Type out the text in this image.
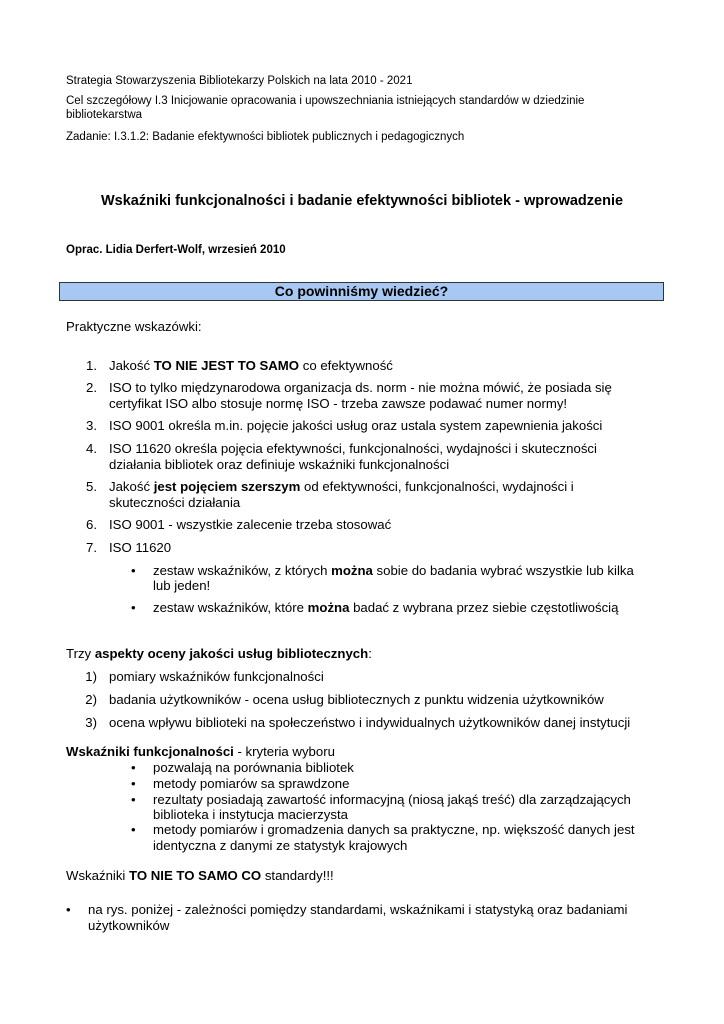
Strategia Stowarzyszenia Bibliotekarzy Polskich na lata 2010 - 2021
Cel szczegółowy I.3 Inicjowanie opracowania i upowszechniania istniejących standardów w dziedzinie bibliotekarstwa
Zadanie: I.3.1.2: Badanie efektywności bibliotek publicznych i pedagogicznych
Wskaźniki funkcjonalności i badanie efektywności bibliotek - wprowadzenie
Oprac. Lidia Derfert-Wolf, wrzesień 2010
Co powinniśmy wiedzieć?
Praktyczne wskazówki:
1. Jakość TO NIE JEST TO SAMO co efektywność
2. ISO to tylko międzynarodowa organizacja ds. norm - nie można mówić, że posiada się
certyfikat ISO albo stosuje normę ISO - trzeba zawsze podawać numer normy!
3. ISO 9001 określa m.in. pojęcie jakości usług oraz ustala system zapewnienia jakości
4. ISO 11620 określa pojęcia efektywności, funkcjonalności, wydajności i skuteczności
działania bibliotek oraz definiuje wskaźniki funkcjonalności
5. Jakość jest pojęciem szerszym od efektywności, funkcjonalności, wydajności i
skuteczności działania
6. ISO 9001 - wszystkie zalecenie trzeba stosować
7. ISO 11620
• zestaw wskaźników, z których można sobie do badania wybrać wszystkie lub kilka
lub jeden!
• zestaw wskaźników, które można badać z wybrana przez siebie częstotliwością
Trzy aspekty oceny jakości usług bibliotecznych:
1) pomiary wskaźników funkcjonalności
2) badania użytkowników - ocena usług bibliotecznych z punktu widzenia użytkowników
3) ocena wpływu biblioteki na społeczeństwo i indywidualnych użytkowników danej instytucji
Wskaźniki funkcjonalności - kryteria wyboru
• pozwalają na porównania bibliotek
• metody pomiarów sa sprawdzone
• rezultaty posiadają zawartość informacyjną (niosą jakąś treść) dla zarządzających
biblioteka i instytucja macierzysta
• metody pomiarów i gromadzenia danych sa praktyczne, np. większość danych jest
identyczna z danymi ze statystyk krajowych
Wskaźniki TO NIE TO SAMO CO standardy!!!
• na rys. poniżej - zależności pomiędzy standardami, wskaźnikami i statystyką oraz badaniami
użytkowników
